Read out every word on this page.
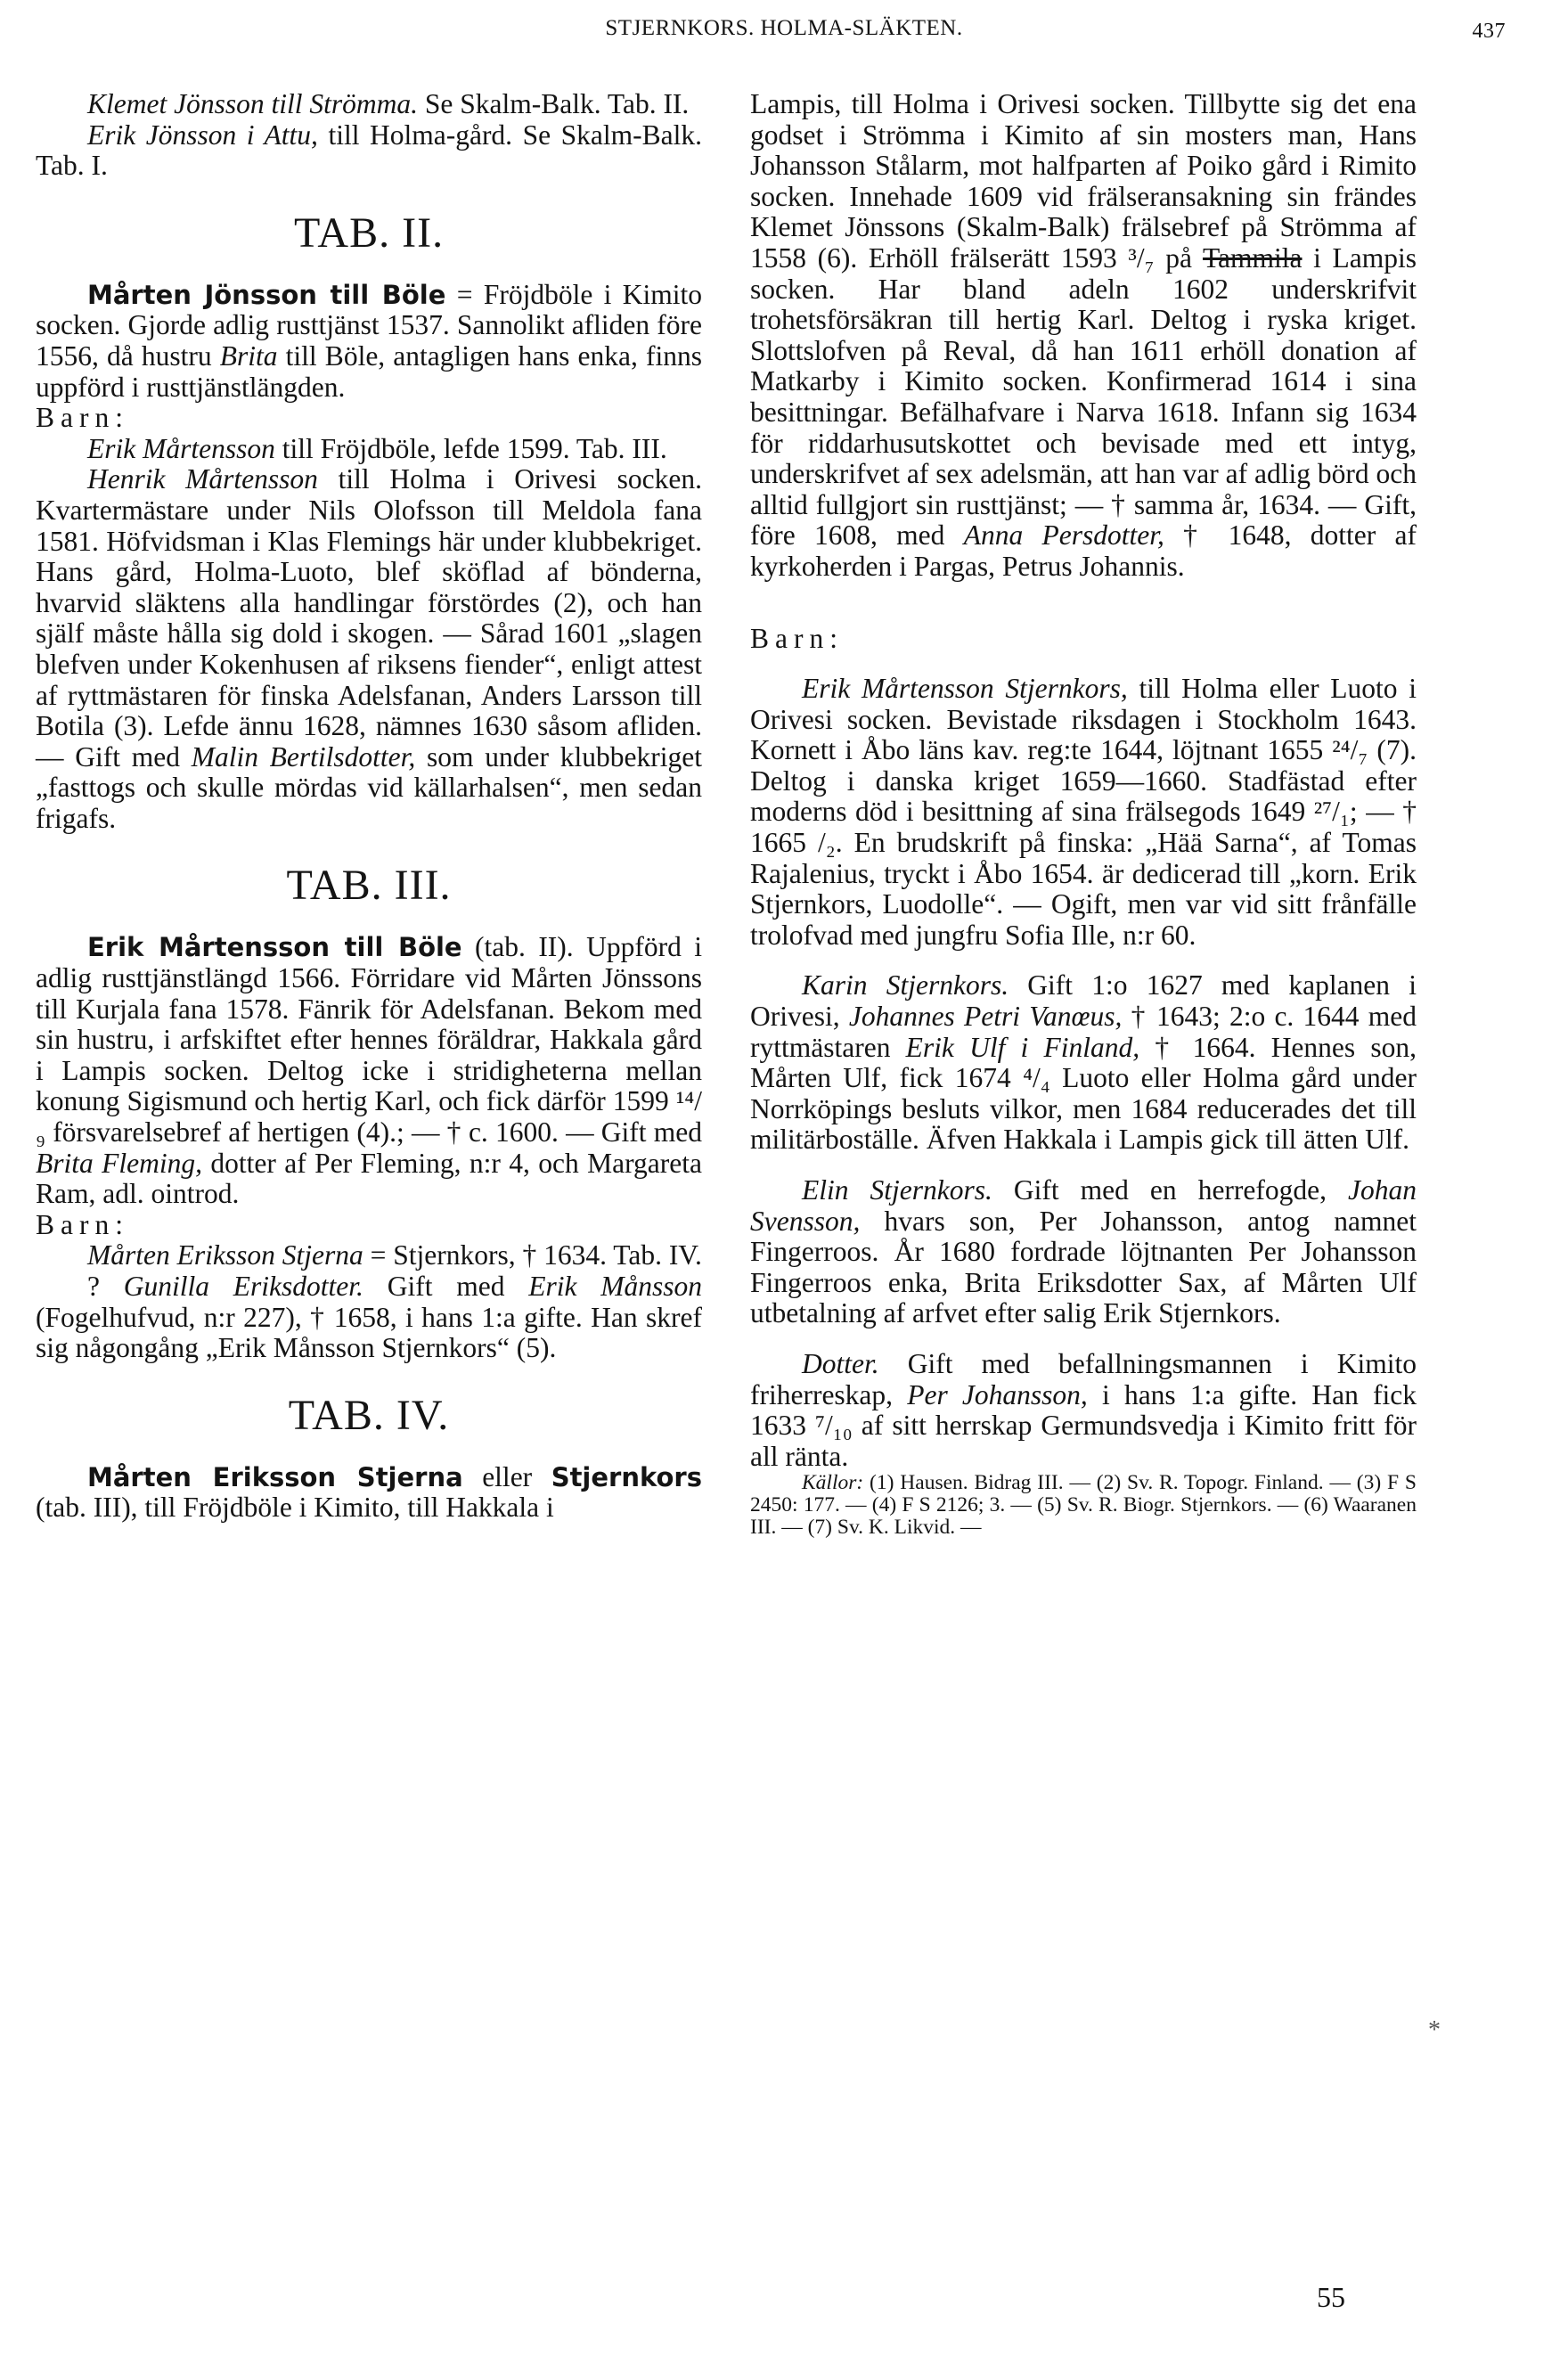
STJERNKORS. HOLMA-SLÄKTEN.	437

Klemet Jönsson till Strömma. Se Skalm-Balk. Tab. II.

Erik Jönsson i Attu, till Holma-gård. Se Skalm-Balk. Tab. I.

TAB. II.

Mårten Jönsson till Böle = Fröjdböle i Kimito socken. Gjorde adlig rusttjänst 1537. Sannolikt afliden före 1556, då hustru Brita till Böle, antagligen hans enka, finns uppförd i rusttjänstlängden.

Barn:

Erik Mårtensson till Fröjdböle, lefde 1599. Tab. III.

Henrik Mårtensson till Holma i Orivesi socken. Kvartermästare under Nils Olofsson till Meldola fana 1581. Höfvidsman i Klas Flemings här under klubbekriget. Hans gård, Holma-Luoto, blef sköflad af bönderna, hvarvid släktens alla handlingar förstördes (2), och han själf måste hålla sig dold i skogen. — Sårad 1601 „slagen blefven under Kokenhusen af riksens fiender“, enligt attest af ryttmästaren för finska Adelsfanan, Anders Larsson till Botila (3). Lefde ännu 1628, nämnes 1630 såsom afliden. — Gift med Malin Bertilsdotter, som under klubbekriget „fasttogs och skulle mördas vid källarhalsen“, men sedan frigafs.

TAB. III.

Erik Mårtensson till Böle (tab. II). Uppförd i adlig rusttjänstlängd 1566. Förridare vid Mårten Jönssons till Kurjala fana 1578. Fänrik för Adelsfanan. Bekom med sin hustru, i arfskiftet efter hennes föräldrar, Hakkala gård i Lampis socken. Deltog icke i stridigheterna mellan konung Sigismund och hertig Karl, och fick därför 1599 ¹⁴/₉ försvarelsebref af hertigen (4).; — † c. 1600. — Gift med Brita Fleming, dotter af Per Fleming, n:r 4, och Margareta Ram, adl. ointrod.

Barn:

Mårten Eriksson Stjerna = Stjernkors, † 1634. Tab. IV.

? Gunilla Eriksdotter. Gift med Erik Månsson (Fogelhufvud, n:r 227), † 1658, i hans 1:a gifte. Han skref sig någongång „Erik Månsson Stjernkors“ (5).

TAB. IV.

Mårten Eriksson Stjerna eller Stjernkors (tab. III), till Fröjdböle i Kimito, till Hakkala i

Lampis, till Holma i Orivesi socken. Tillbytte sig det ena godset i Strömma i Kimito af sin mosters man, Hans Johansson Stålarm, mot halfparten af Poiko gård i Rimito socken. Innehade 1609 vid frälseransakning sin frändes Klemet Jönssons (Skalm-Balk) frälsebref på Strömma af 1558 (6). Erhöll frälserätt 1593 ³/₇ på Tammila i Lampis socken. Har bland adeln 1602 underskrifvit trohetsförsäkran till hertig Karl. Deltog i ryska kriget. Slottslofven på Reval, då han 1611 erhöll donation af Matkarby i Kimito socken. Konfirmerad 1614 i sina besittningar. Befälhafvare i Narva 1618. Infann sig 1634 för riddarhusutskottet och bevisade med ett intyg, underskrifvet af sex adelsmän, att han var af adlig börd och alltid fullgjort sin rusttjänst; — † samma år, 1634. — Gift, före 1608, med Anna Persdotter, † 1648, dotter af kyrkoherden i Pargas, Petrus Johannis.

Barn:

Erik Mårtensson Stjernkors, till Holma eller Luoto i Orivesi socken. Bevistade riksdagen i Stockholm 1643. Kornett i Åbo läns kav. reg:te 1644, löjtnant 1655 ²⁴/₇ (7). Deltog i danska kriget 1659—1660. Stadfästad efter moderns död i besittning af sina frälsegods 1649 ²⁷/₁; — † 1665 /₂. En brudskrift på finska: „Hää Sarna“, af Tomas Rajalenius, tryckt i Åbo 1654. är dedicerad till „korn. Erik Stjernkors, Luodolle“. — Ogift, men var vid sitt frånfälle trolofvad med jungfru Sofia Ille, n:r 60.

Karin Stjernkors. Gift 1:o 1627 med kaplanen i Orivesi, Johannes Petri Vanœus, † 1643; 2:o c. 1644 med ryttmästaren Erik Ulf i Finland, † 1664. Hennes son, Mårten Ulf, fick 1674 ⁴/₄ Luoto eller Holma gård under Norrköpings besluts vilkor, men 1684 reducerades det till militärboställe. Äfven Hakkala i Lampis gick till ätten Ulf.

Elin Stjernkors. Gift med en herrefogde, Johan Svensson, hvars son, Per Johansson, antog namnet Fingerroos. År 1680 fordrade löjtnanten Per Johansson Fingerroos enka, Brita Eriksdotter Sax, af Mårten Ulf utbetalning af arfvet efter salig Erik Stjernkors.

Dotter. Gift med befallningsmannen i Kimito friherreskap, Per Johansson, i hans 1:a gifte. Han fick 1633 ⁷/₁₀ af sitt herrskap Germundsvedja i Kimito fritt för all ränta.

Källor: (1) Hausen. Bidrag III. — (2) Sv. R. Topogr. Finland. — (3) F S 2450: 177. — (4) F S 2126; 3. — (5) Sv. R. Biogr. Stjernkors. — (6) Waaranen III. — (7) Sv. K. Likvid. —

*
55
